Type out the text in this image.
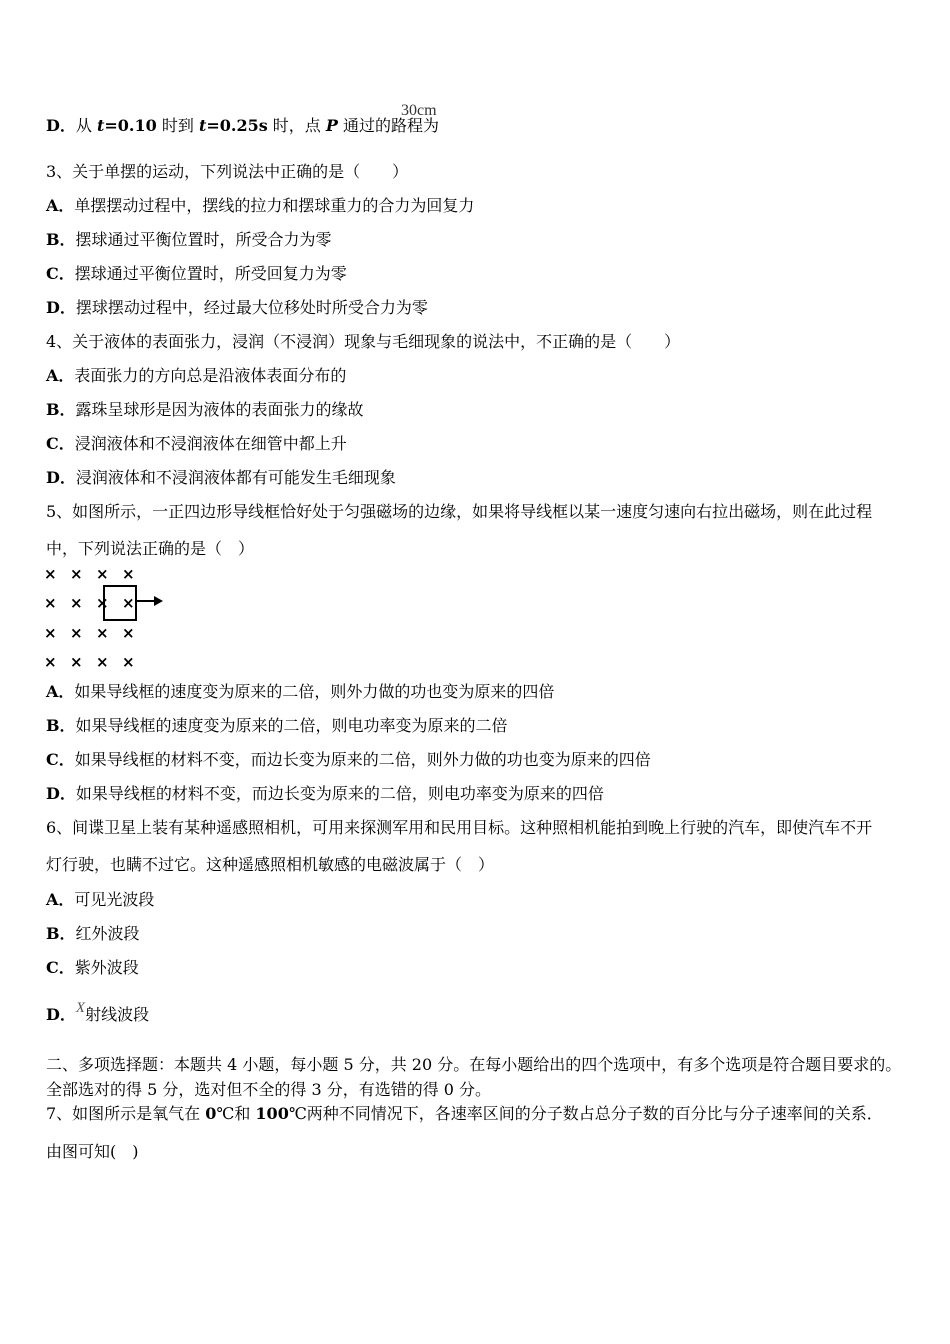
D．从 t=0.10 时到 t=0.25s 时，点 P 通过的路程为
30cm
3、关于单摆的运动，下列说法中正确的是（　　）
A．单摆摆动过程中，摆线的拉力和摆球重力的合力为回复力
B．摆球通过平衡位置时，所受合力为零
C．摆球通过平衡位置时，所受回复力为零
D．摆球摆动过程中，经过最大位移处时所受合力为零
4、关于液体的表面张力，浸润（不浸润）现象与毛细现象的说法中，不正确的是（　　）
A．表面张力的方向总是沿液体表面分布的
B．露珠呈球形是因为液体的表面张力的缘故
C．浸润液体和不浸润液体在细管中都上升
D．浸润液体和不浸润液体都有可能发生毛细现象
5、如图所示，一正四边形导线框恰好处于匀强磁场的边缘，如果将导线框以某一速度匀速向右拉出磁场，则在此过程
中，下列说法正确的是（　）
× × × ×
× × × ×
× × × ×
× × × ×
A．如果导线框的速度变为原来的二倍，则外力做的功也变为原来的四倍
B．如果导线框的速度变为原来的二倍，则电功率变为原来的二倍
C．如果导线框的材料不变，而边长变为原来的二倍，则外力做的功也变为原来的四倍
D．如果导线框的材料不变，而边长变为原来的二倍，则电功率变为原来的四倍
6、间谍卫星上装有某种遥感照相机，可用来探测军用和民用目标。这种照相机能拍到晚上行驶的汽车，即使汽车不开
灯行驶，也瞒不过它。这种遥感照相机敏感的电磁波属于（　）
A．可见光波段
B．红外波段
C．紫外波段
D．X射线波段
二、多项选择题：本题共 4 小题，每小题 5 分，共 20 分。在每小题给出的四个选项中，有多个选项是符合题目要求的。
全部选对的得 5 分，选对但不全的得 3 分，有选错的得 0 分。
7、如图所示是氧气在 0℃和 100℃两种不同情况下，各速率区间的分子数占总分子数的百分比与分子速率间的关系．
由图可知(　)
